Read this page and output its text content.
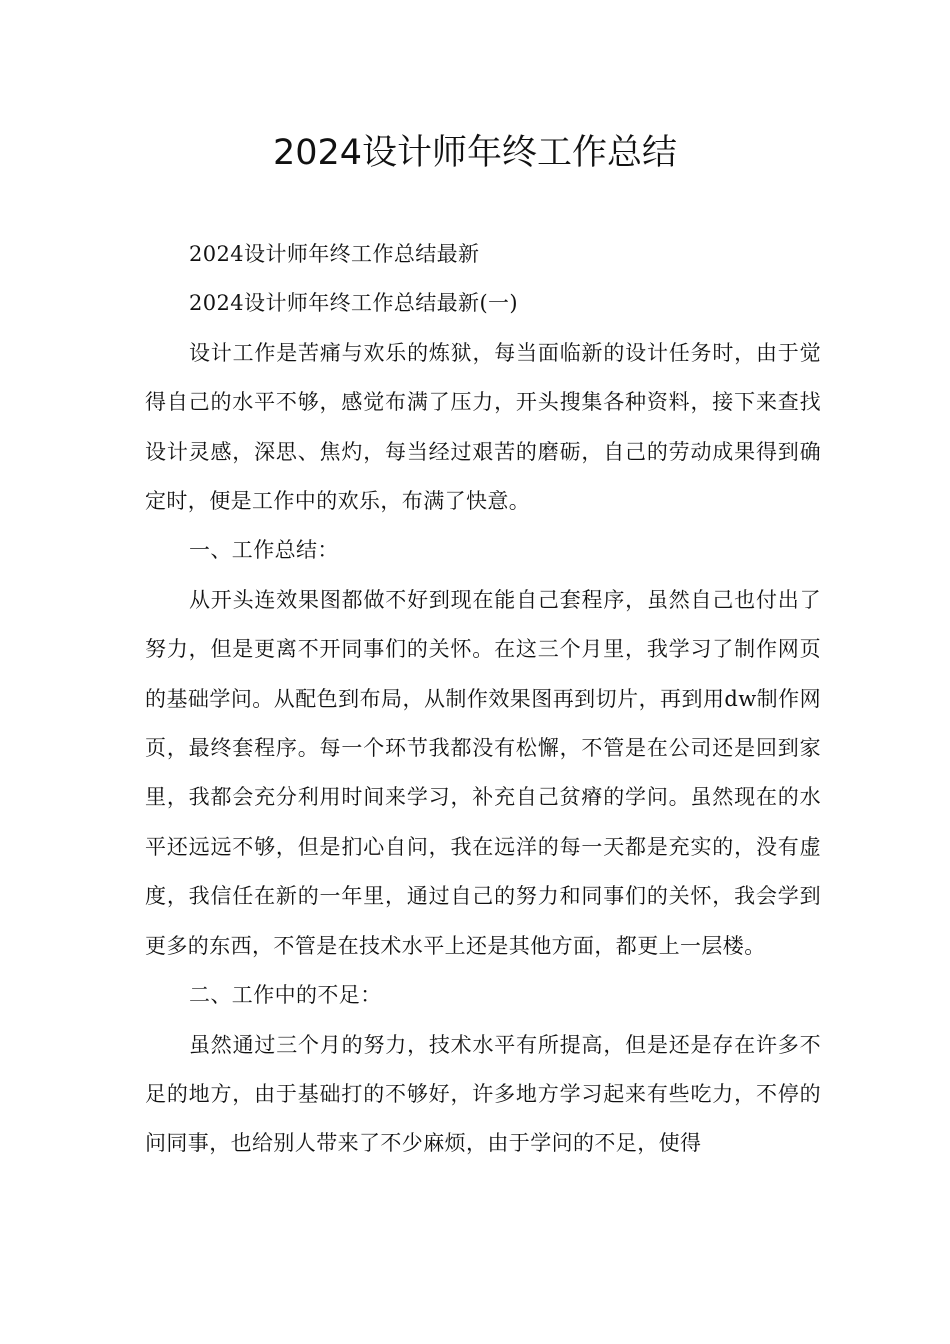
2024设计师年终工作总结

2024设计师年终工作总结最新

2024设计师年终工作总结最新(一)

设计工作是苦痛与欢乐的炼狱，每当面临新的设计任务时，由于觉得自己的水平不够，感觉布满了压力，开头搜集各种资料，接下来查找设计灵感，深思、焦灼，每当经过艰苦的磨砺，自己的劳动成果得到确定时，便是工作中的欢乐，布满了快意。

一、工作总结：

从开头连效果图都做不好到现在能自己套程序，虽然自己也付出了努力，但是更离不开同事们的关怀。在这三个月里，我学习了制作网页的基础学问。从配色到布局，从制作效果图再到切片，再到用dw制作网页，最终套程序。每一个环节我都没有松懈，不管是在公司还是回到家里，我都会充分利用时间来学习，补充自己贫瘠的学问。虽然现在的水平还远远不够，但是扪心自问，我在远洋的每一天都是充实的，没有虚度，我信任在新的一年里，通过自己的努力和同事们的关怀，我会学到更多的东西，不管是在技术水平上还是其他方面，都更上一层楼。

二、工作中的不足：

虽然通过三个月的努力，技术水平有所提高，但是还是存在许多不足的地方，由于基础打的不够好，许多地方学习起来有些吃力，不停的问同事，也给别人带来了不少麻烦，由于学问的不足，使得
